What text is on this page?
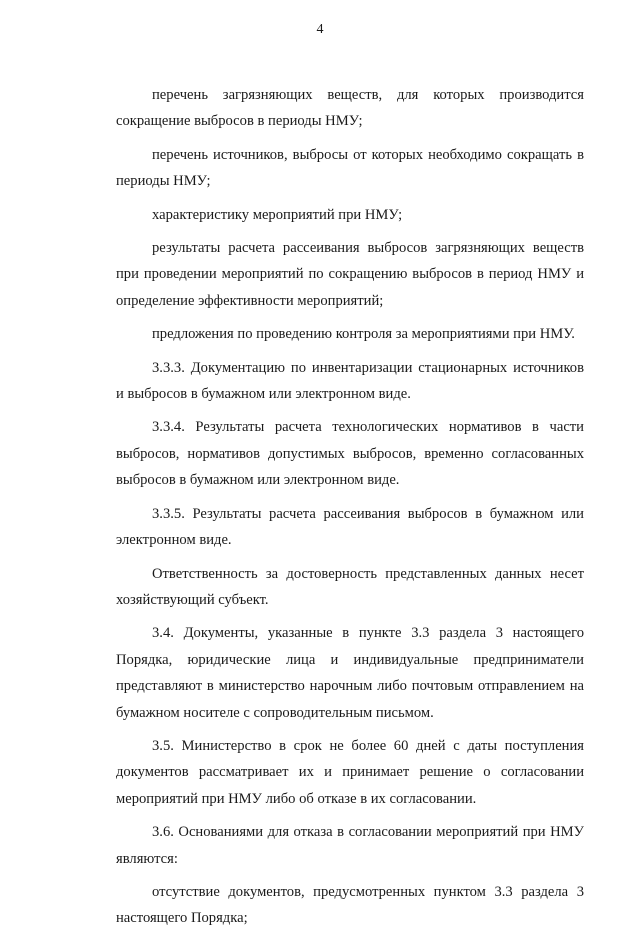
4

перечень загрязняющих веществ, для которых производится сокращение выбросов в периоды НМУ;

перечень источников, выбросы от которых необходимо сокращать в периоды НМУ;

характеристику мероприятий при НМУ;

результаты расчета рассеивания выбросов загрязняющих веществ при проведении мероприятий по сокращению выбросов в период НМУ и определение эффективности мероприятий;

предложения по проведению контроля за мероприятиями при НМУ.

3.3.3. Документацию по инвентаризации стационарных источников и выбросов в бумажном или электронном виде.

3.3.4. Результаты расчета технологических нормативов в части выбросов, нормативов допустимых выбросов, временно согласованных выбросов в бумажном или электронном виде.

3.3.5. Результаты расчета рассеивания выбросов в бумажном или электронном виде.

Ответственность за достоверность представленных данных несет хозяйствующий субъект.

3.4. Документы, указанные в пункте 3.3 раздела 3 настоящего Порядка, юридические лица и индивидуальные предприниматели представляют в министерство нарочным либо почтовым отправлением на бумажном носителе с сопроводительным письмом.

3.5. Министерство в срок не более 60 дней с даты поступления документов рассматривает их и принимает решение о согласовании мероприятий при НМУ либо об отказе в их согласовании.

3.6. Основаниями для отказа в согласовании мероприятий при НМУ являются:

отсутствие документов, предусмотренных пунктом 3.3 раздела 3 настоящего Порядка;
